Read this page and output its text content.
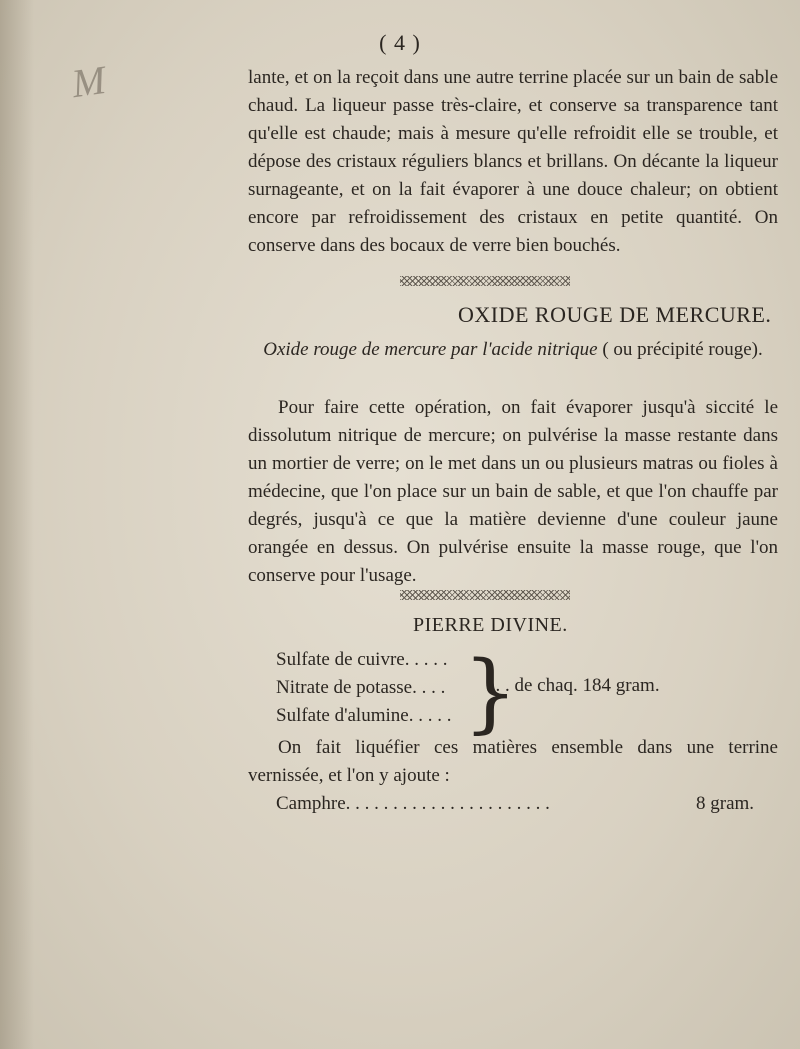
( 4 )
M	lante, et on la reçoit dans une autre terrine placée sur un bain de sable chaud. La liqueur passe très-claire, et conserve sa transparence tant qu'elle est chaude; mais à mesure qu'elle refroidit elle se trouble, et dépose des cristaux réguliers blancs et brillans. On décante la liqueur surnageante, et on la fait évaporer à une douce chaleur; on obtient encore par refroidissement des cristaux en petite quantité. On conserve dans des bocaux de verre bien bouchés.

OXIDE ROUGE DE MERCURE.
Oxide rouge de mercure par l'acide nitrique ( ou précipité rouge).

Pour faire cette opération, on fait évaporer jusqu'à siccité le dissolutum nitrique de mercure; on pulvérise la masse restante dans un mortier de verre; on le met dans un ou plusieurs matras ou fioles à médecine, que l'on place sur un bain de sable, et que l'on chauffe par degrés, jusqu'à ce que la matière devienne d'une couleur jaune orangée en dessus. On pulvérise ensuite la masse rouge, que l'on conserve pour l'usage.

PIERRE DIVINE.
Sulfate de cuivre. . . . .
Nitrate de potasse. . . .
Sulfate d'alumine. . . . . }
. . . de chaq. 184 gram.

On fait liquéfier ces matières ensemble dans une terrine vernissée, et l'on y ajoute :

Camphre. . . . . . . . . . . . . . . . . . . . . .	8 gram.
